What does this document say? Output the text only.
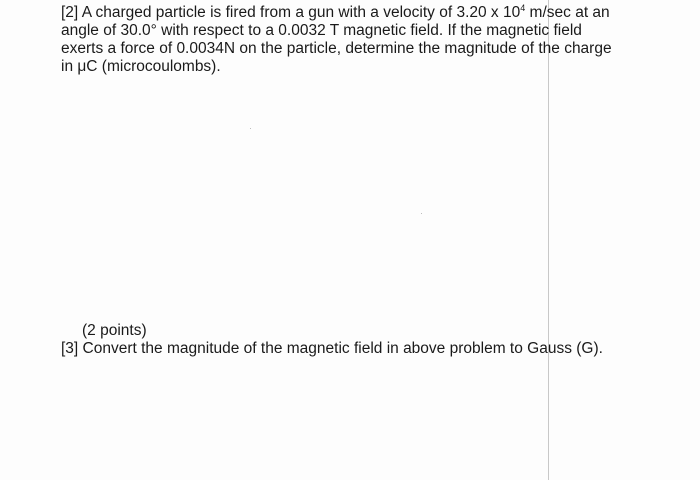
[2] A charged particle is fired from a gun with a velocity of 3.20 x $10^4$ m/sec at an
angle of 30.0° with respect to a 0.0032 T magnetic field. If the magnetic field
exerts a force of 0.0034N on the particle, determine the magnitude of the charge
in μC (microcoulombs).

(2 points)

[3] Convert the magnitude of the magnetic field in above problem to Gauss (G).
